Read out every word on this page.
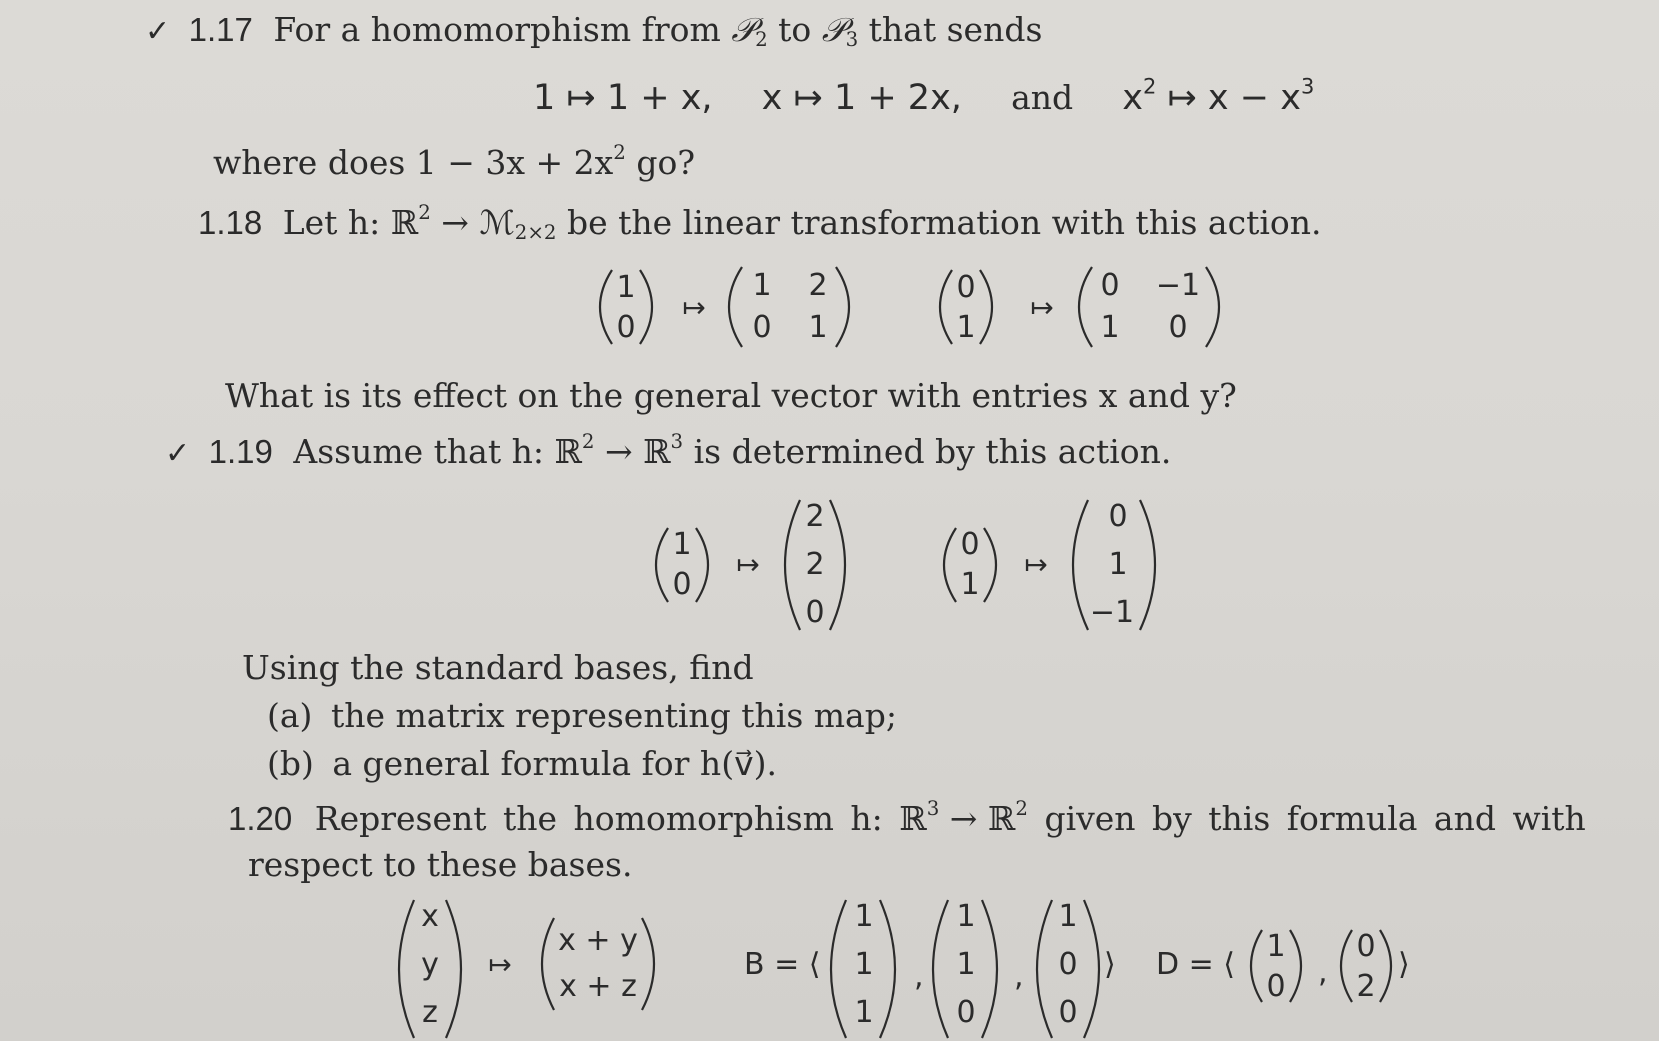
✓ 1.17 For a homomorphism from 𝒫$_2$ to 𝒫$_3$ that sends
1 ↦ 1 + x, x ↦ 1 + 2x, and $x^2$ ↦ $x - x^3$
where does $1 - 3x + 2x^2$ go?
1.18 Let h: ℝ$^2$ → ℳ$_{2\times 2}$ be the linear transformation with this action.
1
0
↦
1 2
0 1
0
1
↦
0 −1
1 0
What is its effect on the general vector with entries x and y?
✓ 1.19 Assume that h: ℝ$^2$ → ℝ$^3$ is determined by this action.
1
0
↦
2
2
0
0
1
↦
0
1
−1
Using the standard bases, find
(a) the matrix representing this map;
(b) a general formula for h(v⃗).
1.20 Represent the homomorphism h: ℝ$^3$ → ℝ$^2$ given by this formula and with
respect to these bases.
x
y
z
↦
x + y
x + z
B = ⟨
1
1
1
,
1
1
0
,
1
0
0
⟩ D = ⟨
1
0 ,
0
2
⟩
